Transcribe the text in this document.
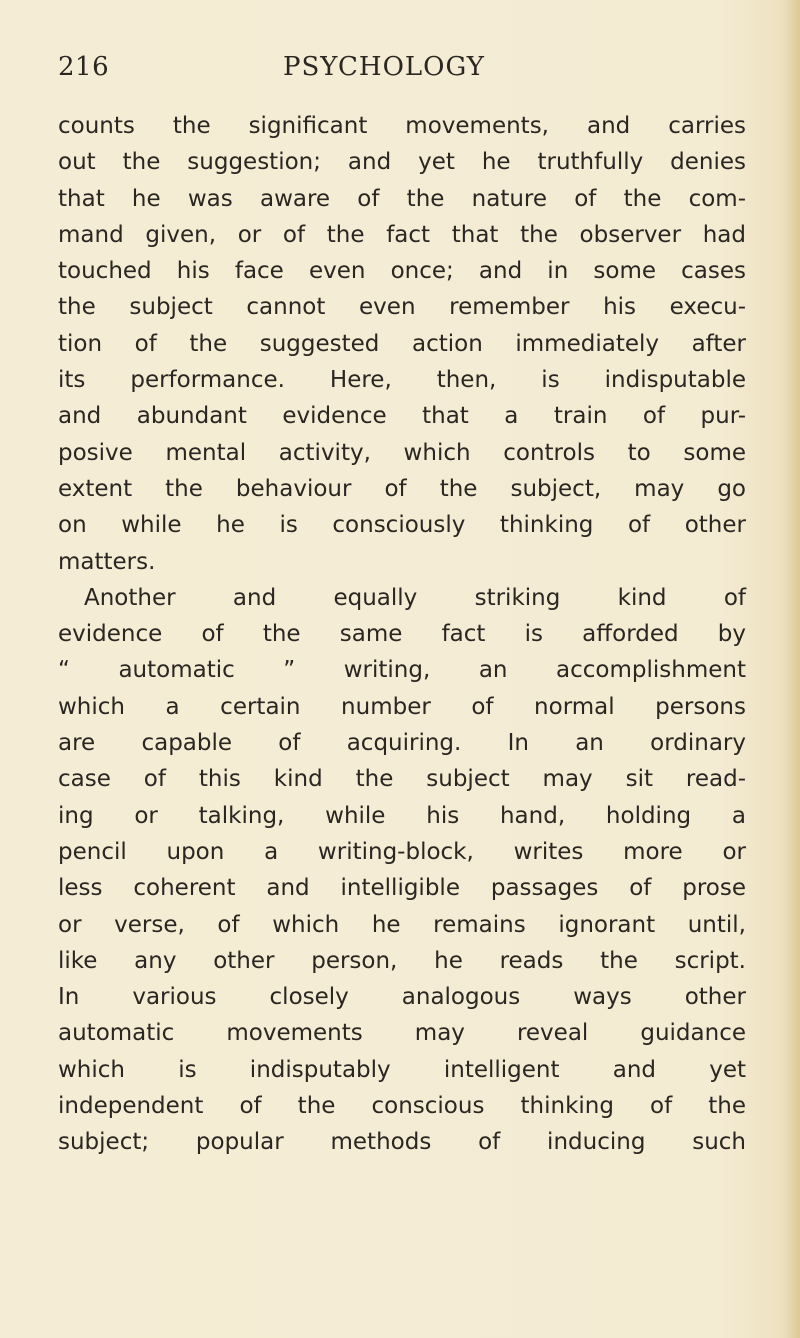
216	PSYCHOLOGY
counts the significant movements, and carries
out the suggestion; and yet he truthfully denies
that he was aware of the nature of the com-
mand given, or of the fact that the observer had
touched his face even once; and in some cases
the subject cannot even remember his execu-
tion of the suggested action immediately after
its performance. Here, then, is indisputable
and abundant evidence that a train of pur-
posive mental activity, which controls to some
extent the behaviour of the subject, may go
on while he is consciously thinking of other
matters.
Another and equally striking kind of
evidence of the same fact is afforded by
“ automatic ” writing, an accomplishment
which a certain number of normal persons
are capable of acquiring. In an ordinary
case of this kind the subject may sit read-
ing or talking, while his hand, holding a
pencil upon a writing-block, writes more or
less coherent and intelligible passages of prose
or verse, of which he remains ignorant until,
like any other person, he reads the script.
In various closely analogous ways other
automatic movements may reveal guidance
which is indisputably intelligent and yet
independent of the conscious thinking of the
subject; popular methods of inducing such
